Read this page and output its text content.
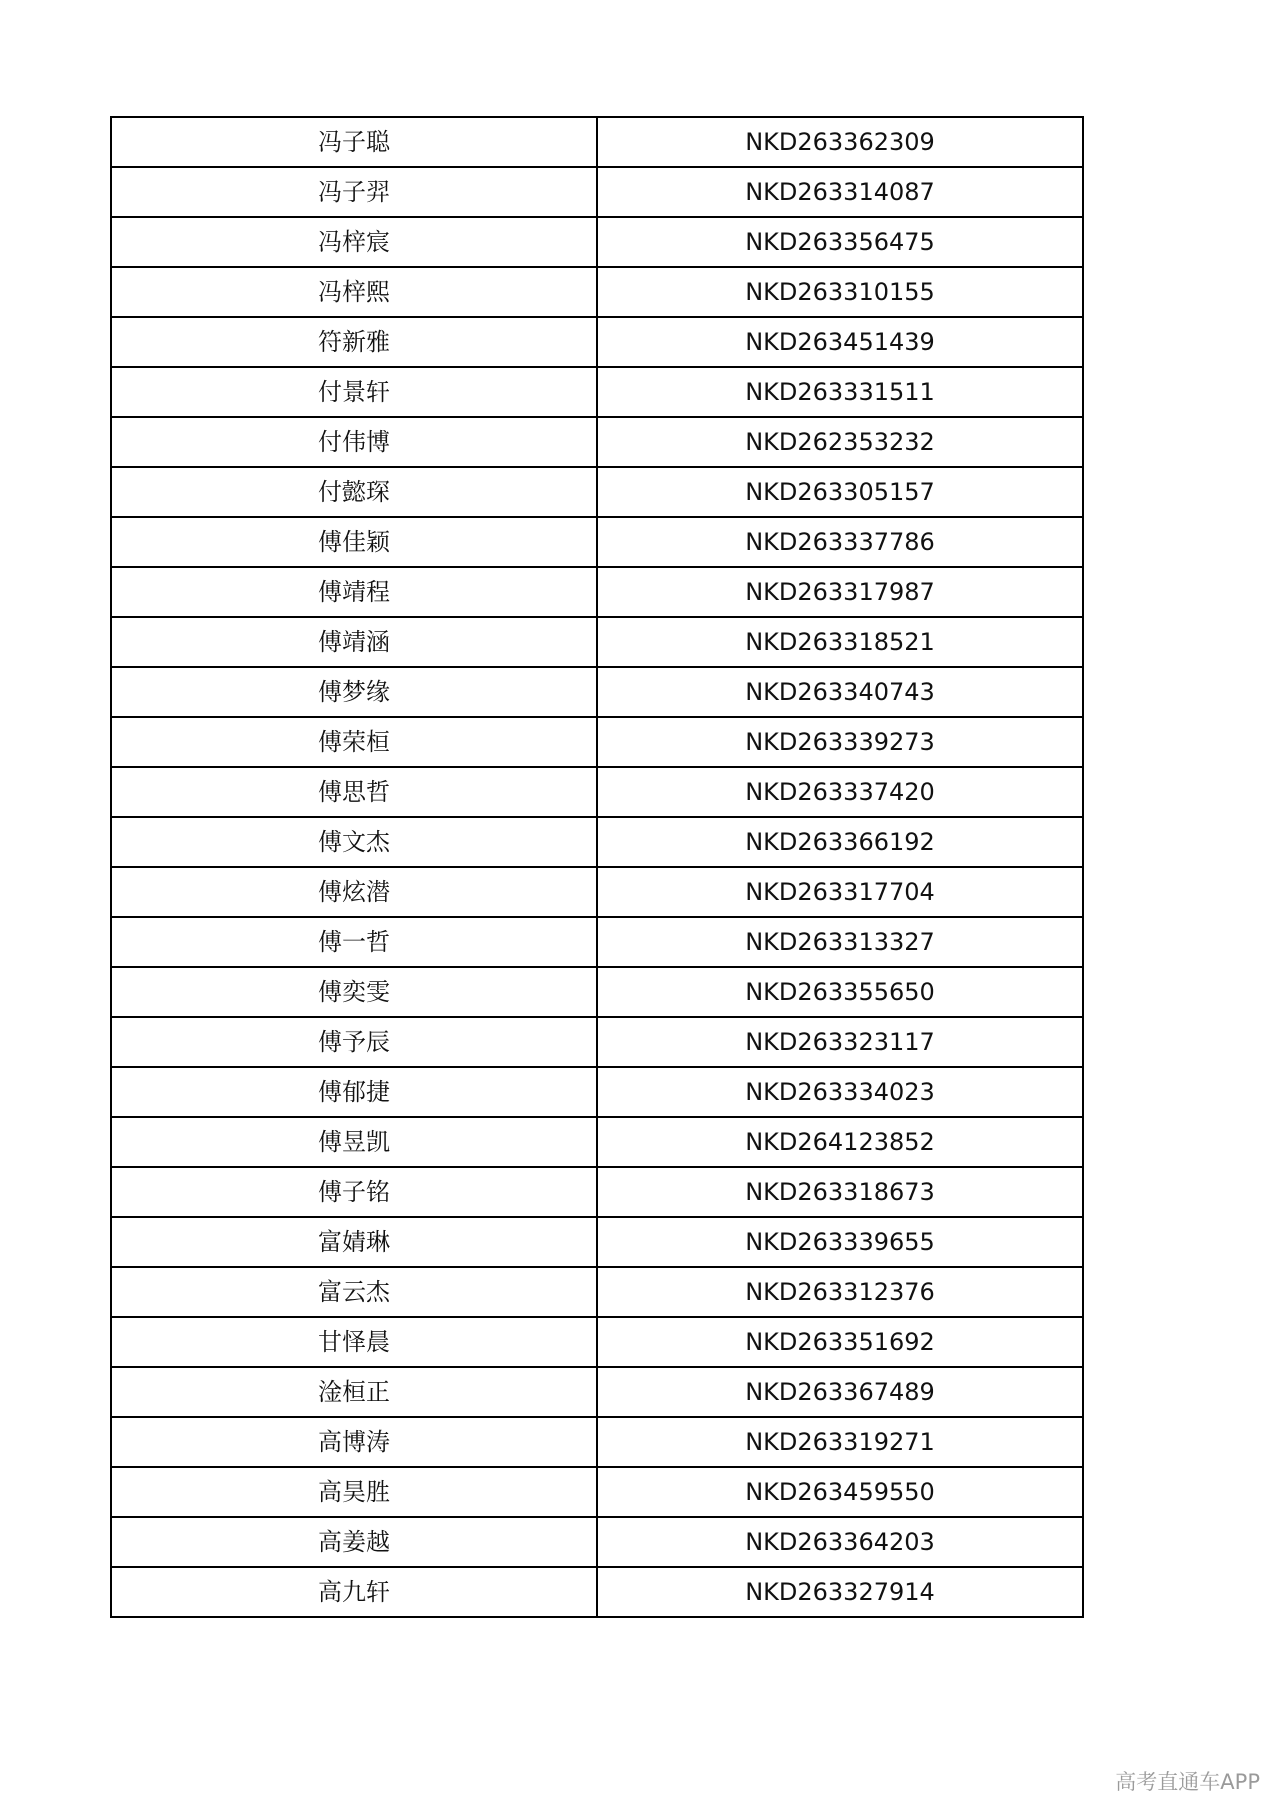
冯子聪	NKD263362309
冯子羿	NKD263314087
冯梓宸	NKD263356475
冯梓熙	NKD263310155
符新雅	NKD263451439
付景轩	NKD263331511
付伟博	NKD262353232
付懿琛	NKD263305157
傅佳颖	NKD263337786
傅靖程	NKD263317987
傅靖涵	NKD263318521
傅梦缘	NKD263340743
傅荣桓	NKD263339273
傅思哲	NKD263337420
傅文杰	NKD263366192
傅炫潜	NKD263317704
傅一哲	NKD263313327
傅奕雯	NKD263355650
傅予辰	NKD263323117
傅郁捷	NKD263334023
傅昱凯	NKD264123852
傅子铭	NKD263318673
富婧琳	NKD263339655
富云杰	NKD263312376
甘怿晨	NKD263351692
淦桓正	NKD263367489
高博涛	NKD263319271
高昊胜	NKD263459550
高姜越	NKD263364203
高九轩	NKD263327914
高考直通车APP
